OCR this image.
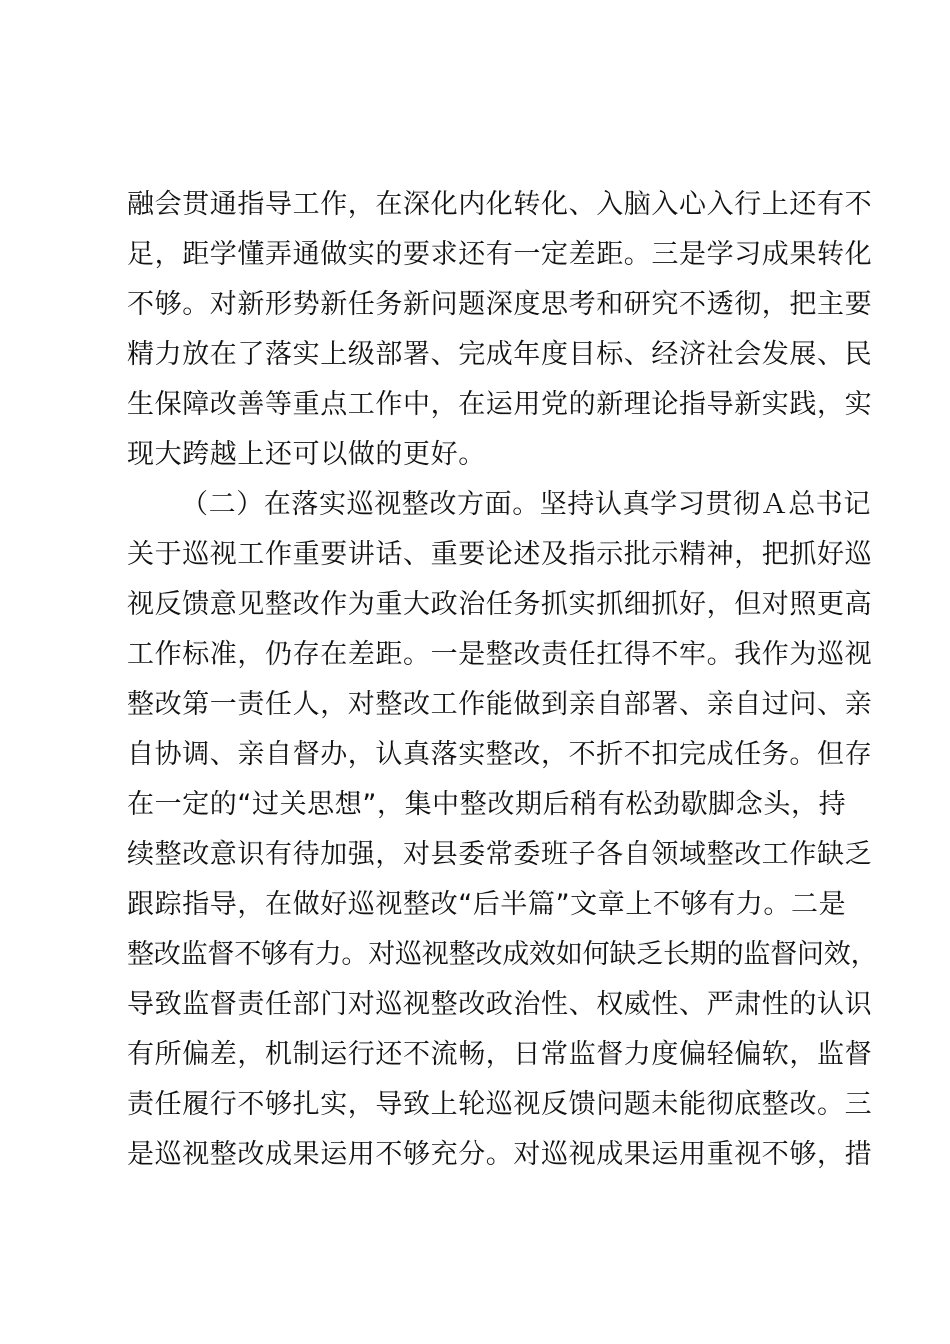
融会贯通指导工作，在深化内化转化、入脑入心入行上还有不
足，距学懂弄通做实的要求还有一定差距。三是学习成果转化
不够。对新形势新任务新问题深度思考和研究不透彻，把主要
精力放在了落实上级部署、完成年度目标、经济社会发展、民
生保障改善等重点工作中，在运用党的新理论指导新实践，实
现大跨越上还可以做的更好。
（二）在落实巡视整改方面。坚持认真学习贯彻Ａ总书记
关于巡视工作重要讲话、重要论述及指示批示精神，把抓好巡
视反馈意见整改作为重大政治任务抓实抓细抓好，但对照更高
工作标准，仍存在差距。一是整改责任扛得不牢。我作为巡视
整改第一责任人，对整改工作能做到亲自部署、亲自过问、亲
自协调、亲自督办，认真落实整改，不折不扣完成任务。但存
在一定的“过关思想”，集中整改期后稍有松劲歇脚念头，持
续整改意识有待加强，对县委常委班子各自领域整改工作缺乏
跟踪指导，在做好巡视整改“后半篇”文章上不够有力。二是
整改监督不够有力。对巡视整改成效如何缺乏长期的监督问效，
导致监督责任部门对巡视整改政治性、权威性、严肃性的认识
有所偏差，机制运行还不流畅，日常监督力度偏轻偏软，监督
责任履行不够扎实，导致上轮巡视反馈问题未能彻底整改。三
是巡视整改成果运用不够充分。对巡视成果运用重视不够，措
